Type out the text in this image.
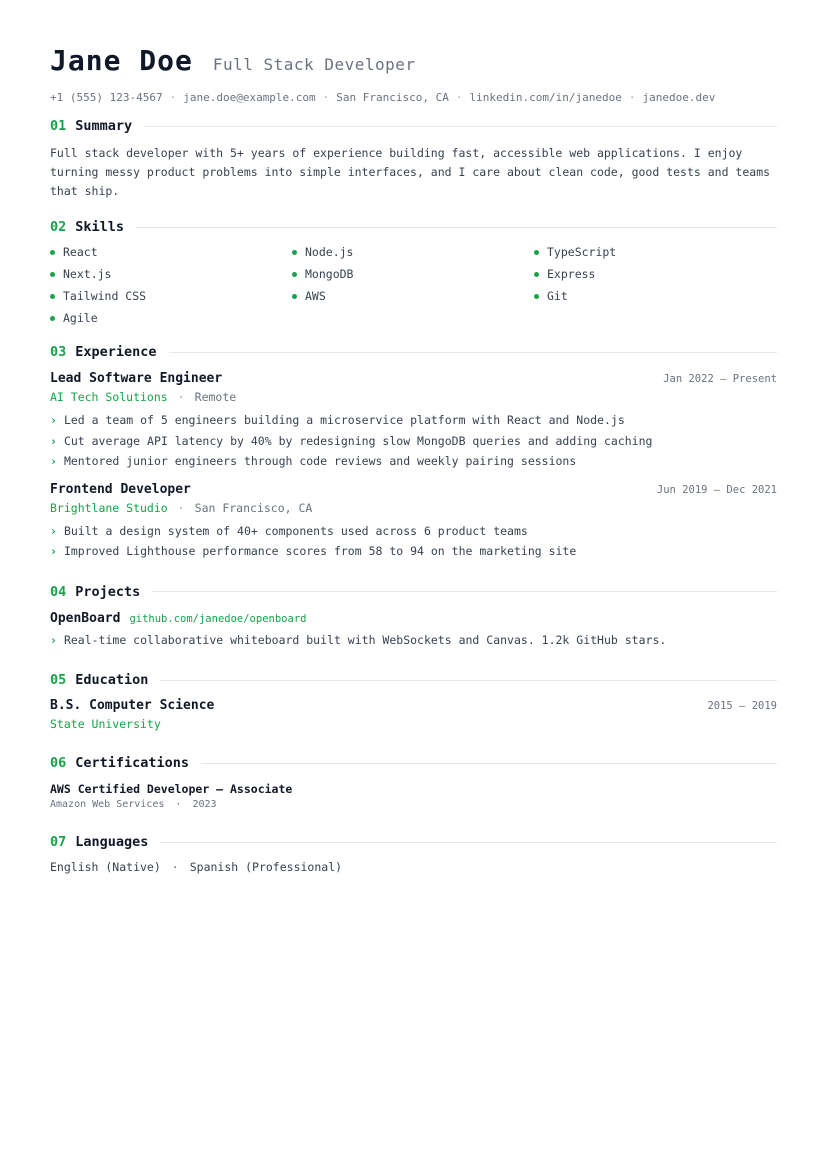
Jane Doe Full Stack Developer
+1 (555) 123-4567 · jane.doe@example.com · San Francisco, CA · linkedin.com/in/janedoe · janedoe.dev
01 Summary
Full stack developer with 5+ years of experience building fast, accessible web applications. I enjoy turning messy product problems into simple interfaces, and I care about clean code, good tests and teams that ship.
02 Skills
React	Node.js	TypeScript
Next.js	MongoDB	Express
Tailwind CSS	AWS	Git
Agile
03 Experience
Lead Software Engineer	Jan 2022 – Present
AI Tech Solutions · Remote
› Led a team of 5 engineers building a microservice platform with React and Node.js
› Cut average API latency by 40% by redesigning slow MongoDB queries and adding caching
› Mentored junior engineers through code reviews and weekly pairing sessions
Frontend Developer	Jun 2019 – Dec 2021
Brightlane Studio · San Francisco, CA
› Built a design system of 40+ components used across 6 product teams
› Improved Lighthouse performance scores from 58 to 94 on the marketing site
04 Projects
OpenBoard github.com/janedoe/openboard
› Real-time collaborative whiteboard built with WebSockets and Canvas. 1.2k GitHub stars.
05 Education
B.S. Computer Science	2015 – 2019
State University
06 Certifications
AWS Certified Developer – Associate
Amazon Web Services · 2023
07 Languages
English (Native) · Spanish (Professional)
